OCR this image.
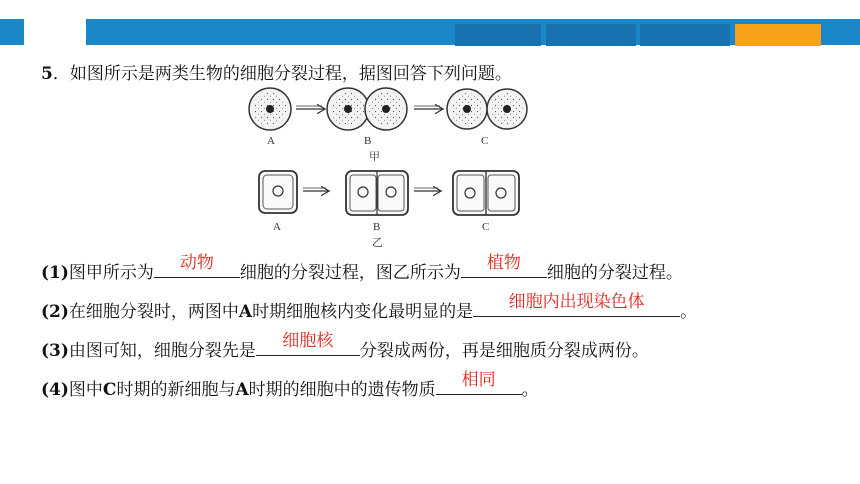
5．如图所示是两类生物的细胞分裂过程，据图回答下列问题。
A	B	C
甲
A	B	C
乙
(1)图甲所示为	动物	细胞的分裂过程，图乙所示为	植物	细胞的分裂过程。
(2)在细胞分裂时，两图中A时期细胞核内变化最明显的是	细胞内出现染色体	。
(3)由图可知，细胞分裂先是	细胞核	分裂成两份，再是细胞质分裂成两份。
(4)图中C时期的新细胞与A时期的细胞中的遗传物质	相同	。
